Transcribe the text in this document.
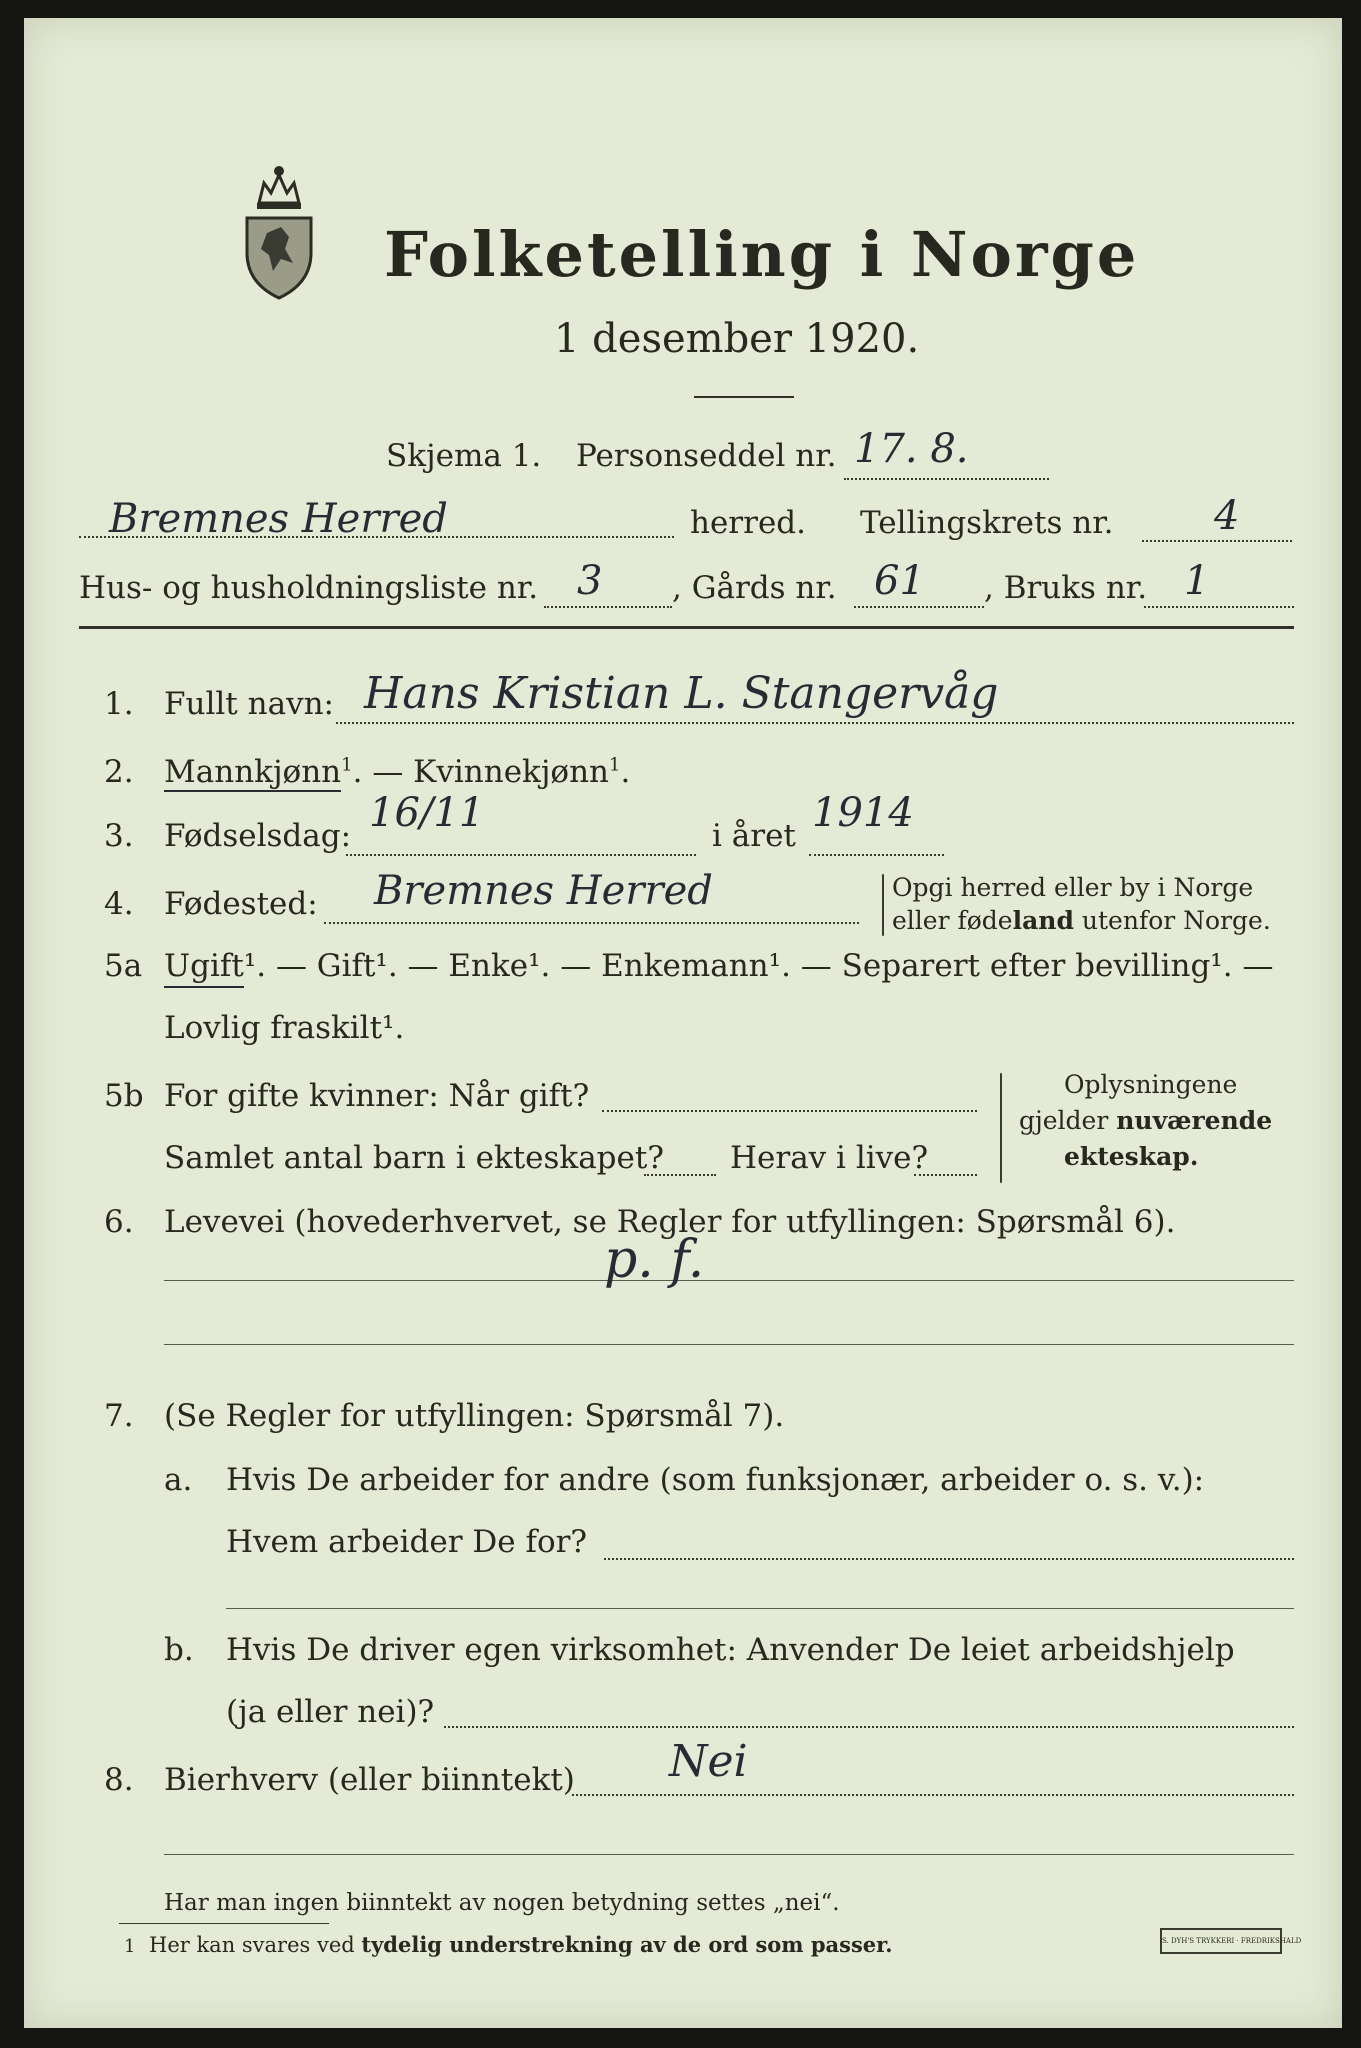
Folketelling i Norge
1 desember 1920.
Skjema 1. Personseddel nr. 17. 8.
Bremnes Herred	herred. Tellingskrets nr.	4
Hus- og husholdningsliste nr. 3 , Gårds nr. 61 , Bruks nr. 1
1. Fullt navn: Hans Kristian L. Stangervåg
2. Mannkjønn$^1$. — Kvinnekjønn$^1$.
3. Fødselsdag: 16/11	i året 1914
4. Fødested: Bremnes Herred	Opgi herred eller by i Norge
eller fødeland utenfor Norge.
5a Ugift¹. — Gift¹. — Enke¹. — Enkemann¹. — Separert efter bevilling¹. —
Lovlig fraskilt¹.
5b For gifte kvinner: Når gift?
Samlet antal barn i ekteskapet? Herav i live?
Oplysningene
gjelder nuværende
ekteskap.
6. Levevei (hovederhvervet, se Regler for utfyllingen: Spørsmål 6).
p. f.
7. (Se Regler for utfyllingen: Spørsmål 7).
a. Hvis De arbeider for andre (som funksjonær, arbeider o. s. v.):
Hvem arbeider De for?
b. Hvis De driver egen virksomhet: Anvender De leiet arbeidshjelp
(ja eller nei)?
8. Bierhverv (eller biinntekt) Nei
Har man ingen biinntekt av nogen betydning settes „nei“.
1 Her kan svares ved tydelig understrekning av de ord som passer.	S. DYH'S TRYKKERI · FREDRIKSHALD
